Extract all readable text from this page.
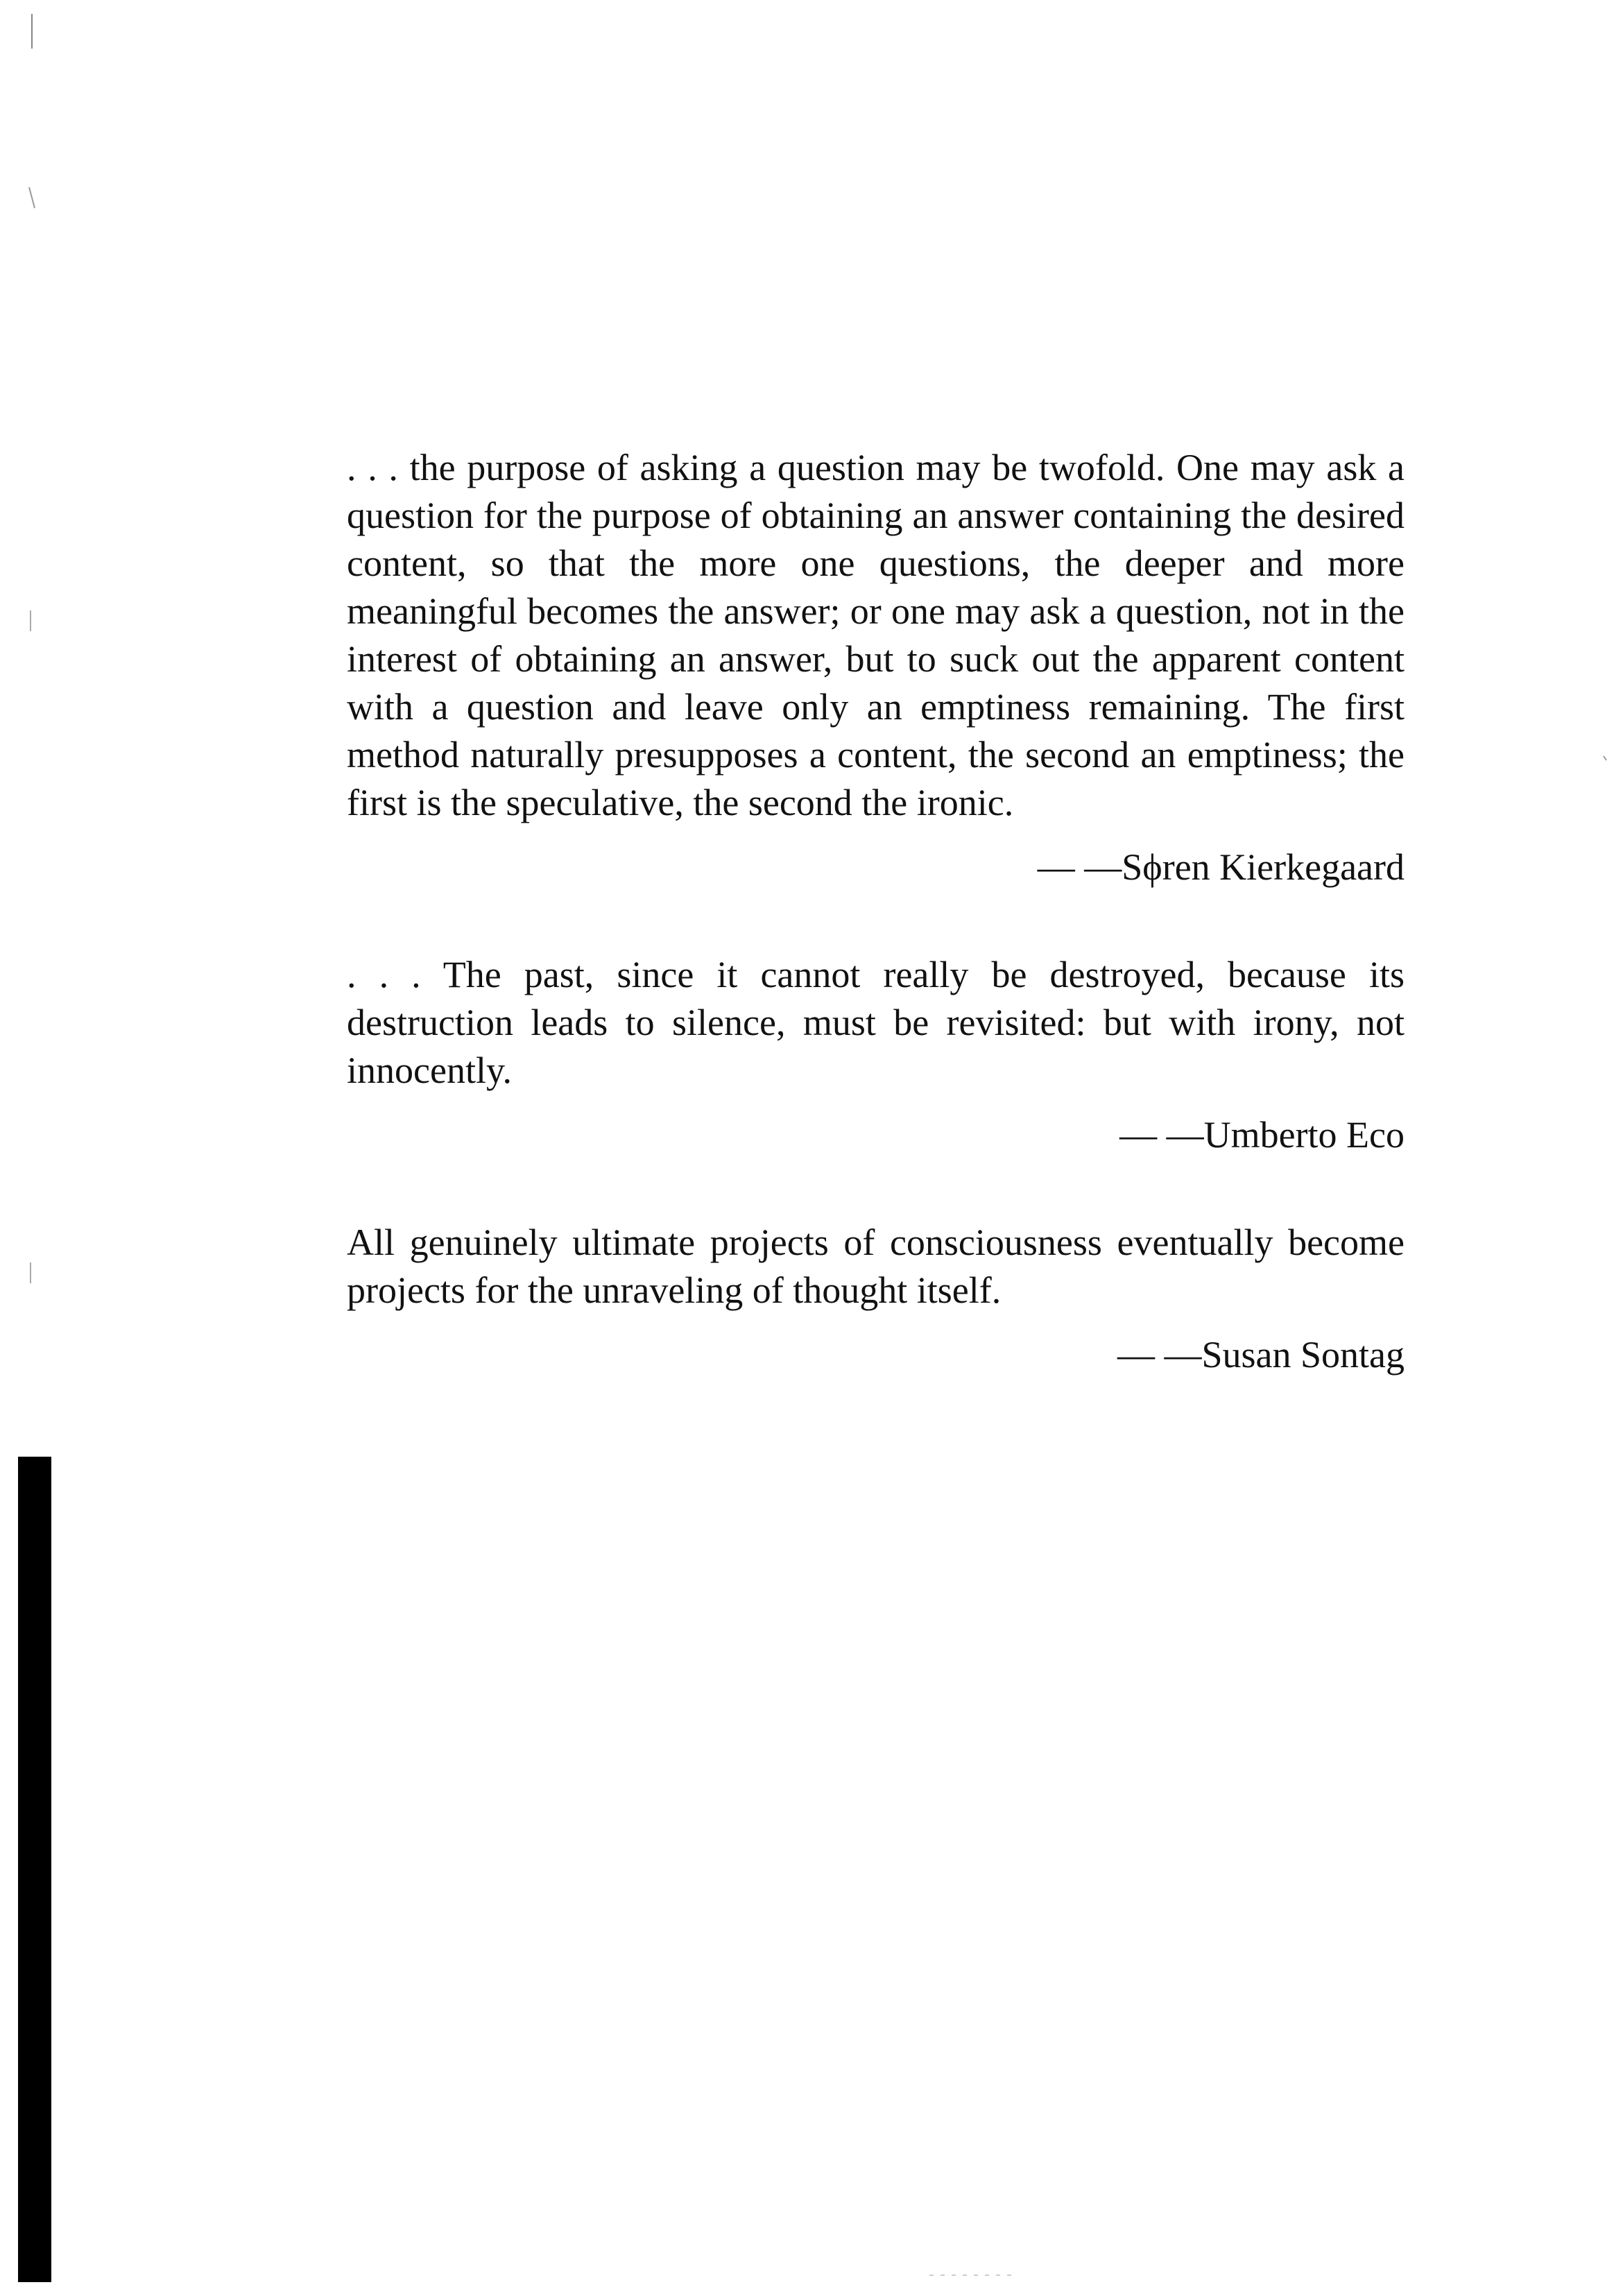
. . . the purpose of asking a question may be twofold. One may ask a question for the purpose of obtaining an answer containing the desired content, so that the more one questions, the deeper and more meaningful becomes the answer; or one may ask a question, not in the interest of obtaining an answer, but to suck out the apparent content with a question and leave only an emptiness remaining. The first method naturally presupposes a content, the second an emptiness; the first is the speculative, the second the ironic.

— —Sϕren Kierkegaard

. . . The past, since it cannot really be destroyed, because its destruction leads to silence, must be revisited: but with irony, not innocently.

— —Umberto Eco

All genuinely ultimate projects of consciousness eventually become projects for the unraveling of thought itself.

— —Susan Sontag
